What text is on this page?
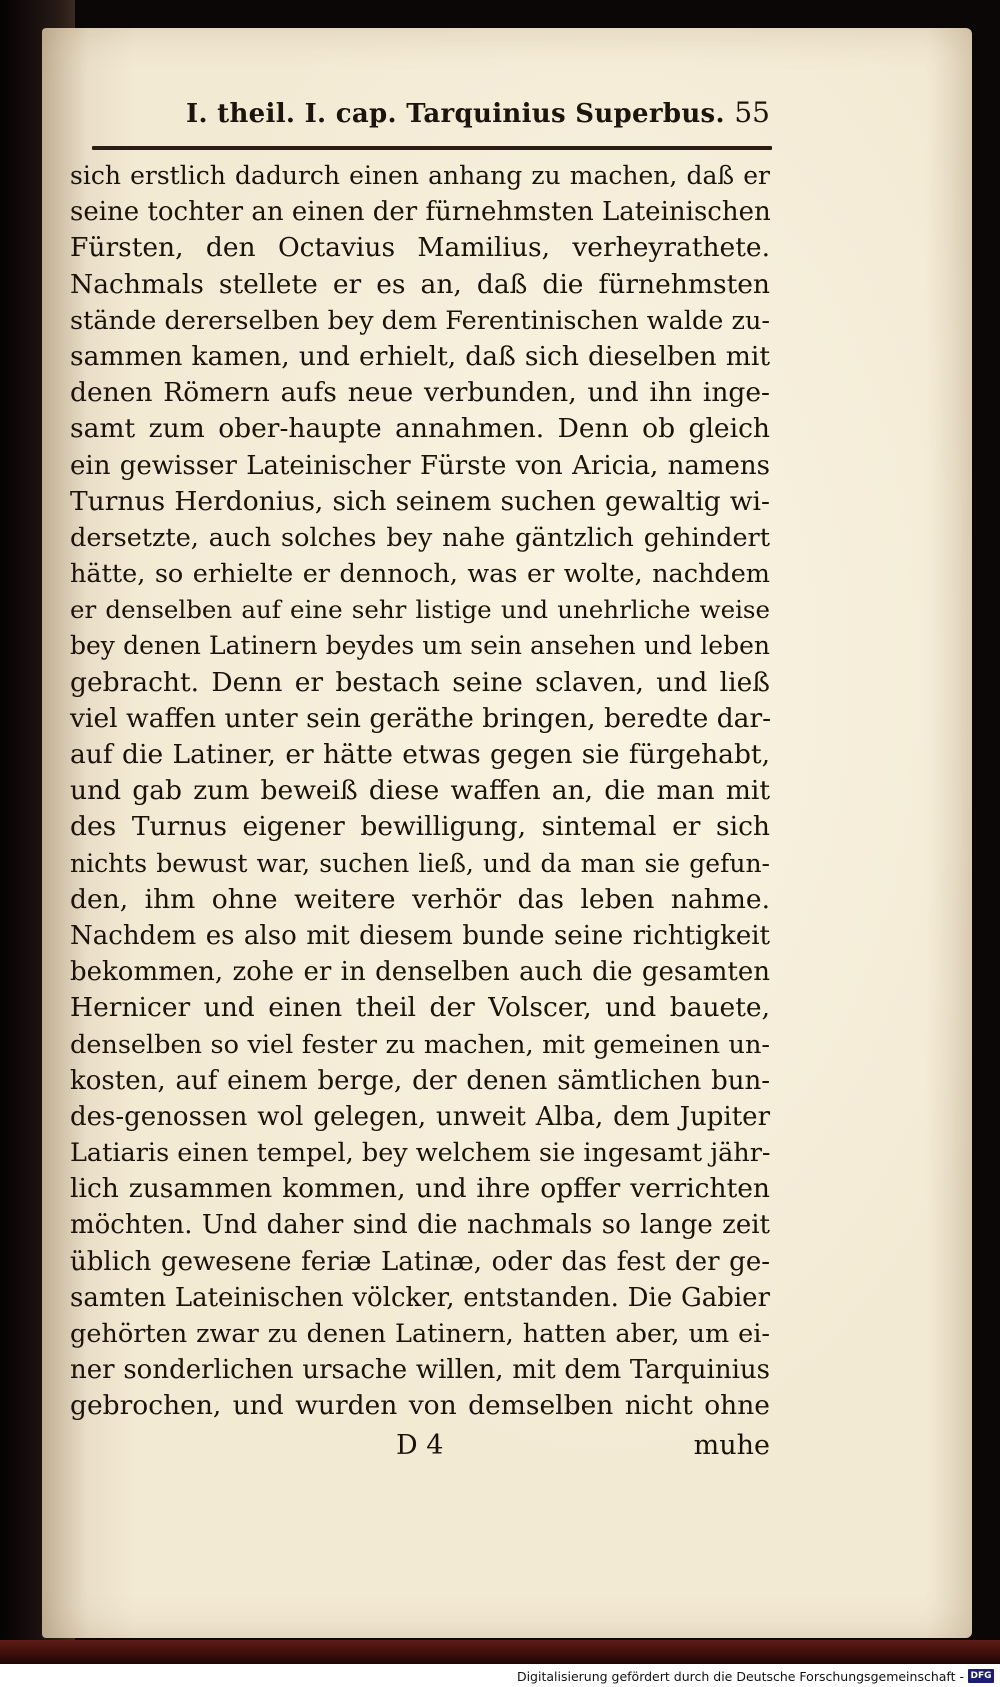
I. theil. I. cap. Tarquinius Superbus. 55
sich erstlich dadurch einen anhang zu machen, daß er
seine tochter an einen der fürnehmsten Lateinischen
Fürsten, den Octavius Mamilius, verheyrathete.
Nachmals stellete er es an, daß die fürnehmsten
stände dererselben bey dem Ferentinischen walde zu-
sammen kamen, und erhielt, daß sich dieselben mit
denen Römern aufs neue verbunden, und ihn inge-
samt zum ober-haupte annahmen. Denn ob gleich
ein gewisser Lateinischer Fürste von Aricia, namens
Turnus Herdonius, sich seinem suchen gewaltig wi-
dersetzte, auch solches bey nahe gäntzlich gehindert
hätte, so erhielte er dennoch, was er wolte, nachdem
er denselben auf eine sehr listige und unehrliche weise
bey denen Latinern beydes um sein ansehen und leben
gebracht. Denn er bestach seine sclaven, und ließ
viel waffen unter sein geräthe bringen, beredte dar-
auf die Latiner, er hätte etwas gegen sie fürgehabt,
und gab zum beweiß diese waffen an, die man mit
des Turnus eigener bewilligung, sintemal er sich
nichts bewust war, suchen ließ, und da man sie gefun-
den, ihm ohne weitere verhör das leben nahme.
Nachdem es also mit diesem bunde seine richtigkeit
bekommen, zohe er in denselben auch die gesamten
Hernicer und einen theil der Volscer, und bauete,
denselben so viel fester zu machen, mit gemeinen un-
kosten, auf einem berge, der denen sämtlichen bun-
des-genossen wol gelegen, unweit Alba, dem Jupiter
Latiaris einen tempel, bey welchem sie ingesamt jähr-
lich zusammen kommen, und ihre opffer verrichten
möchten. Und daher sind die nachmals so lange zeit
üblich gewesene feriæ Latinæ, oder das fest der ge-
samten Lateinischen völcker, entstanden. Die Gabier
gehörten zwar zu denen Latinern, hatten aber, um ei-
ner sonderlichen ursache willen, mit dem Tarquinius
gebrochen, und wurden von demselben nicht ohne
D 4	muhe
Digitalisierung gefördert durch die Deutsche Forschungsgemeinschaft - DFG
